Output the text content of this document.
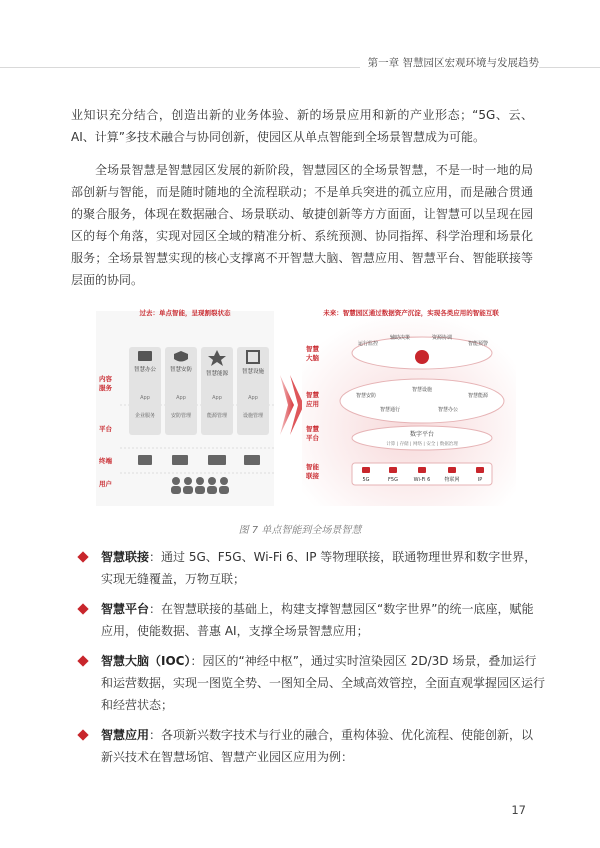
第一章 智慧园区宏观环境与发展趋势

业知识充分结合，创造出新的业务体验、新的场景应用和新的产业形态；“5G、云、AI、计算”多技术融合与协同创新，使园区从单点智能到全场景智慧成为可能。

全场景智慧是智慧园区发展的新阶段，智慧园区的全场景智慧，不是一时一地的局部创新与智能，而是随时随地的全流程联动；不是单兵突进的孤立应用，而是融合贯通的聚合服务，体现在数据融合、场景联动、敏捷创新等方方面面，让智慧可以呈现在园区的每个角落，实现对园区全域的精准分析、系统预测、协同指挥、科学治理和场景化服务；全场景智慧实现的核心支撑离不开智慧大脑、智慧应用、智慧平台、智能联接等层面的协同。

过去：单点智能，呈现割裂状态
内容
服务
平台
终端
用户
智慧办公
App
企业服务
智慧安防
App
安防管理
智慧能源
App
能源管理
智慧设施
App
设施管理
未来：智慧园区通过数据资产沉淀，实现各类应用的智能互联
智慧
大脑
智慧
应用
智慧
平台
智能
联接
运行监控
辅助决策	资源协调
智能预警
智慧安防
智慧设施
智慧能源
智慧通行	智慧办公
数字平台
计算 | 存储 | 网络 | 安全 | 数据治理
5G	F5G	Wi-Fi 6	物联网	IP
图 7 单点智能到全场景智慧
智慧联接：通过 5G、F5G、Wi-Fi 6、IP 等物理联接，联通物理世界和数字世界，实现无缝覆盖，万物互联；
智慧平台：在智慧联接的基础上，构建支撑智慧园区“数字世界”的统一底座，赋能应用，使能数据、普惠 AI，支撑全场景智慧应用；
智慧大脑（IOC）：园区的“神经中枢”，通过实时渲染园区 2D/3D 场景，叠加运行和运营数据，实现一图览全势、一图知全局、全域高效管控，全面直观掌握园区运行和经营状态；
智慧应用：各项新兴数字技术与行业的融合，重构体验、优化流程、使能创新，以新兴技术在智慧场馆、智慧产业园区应用为例：
17
